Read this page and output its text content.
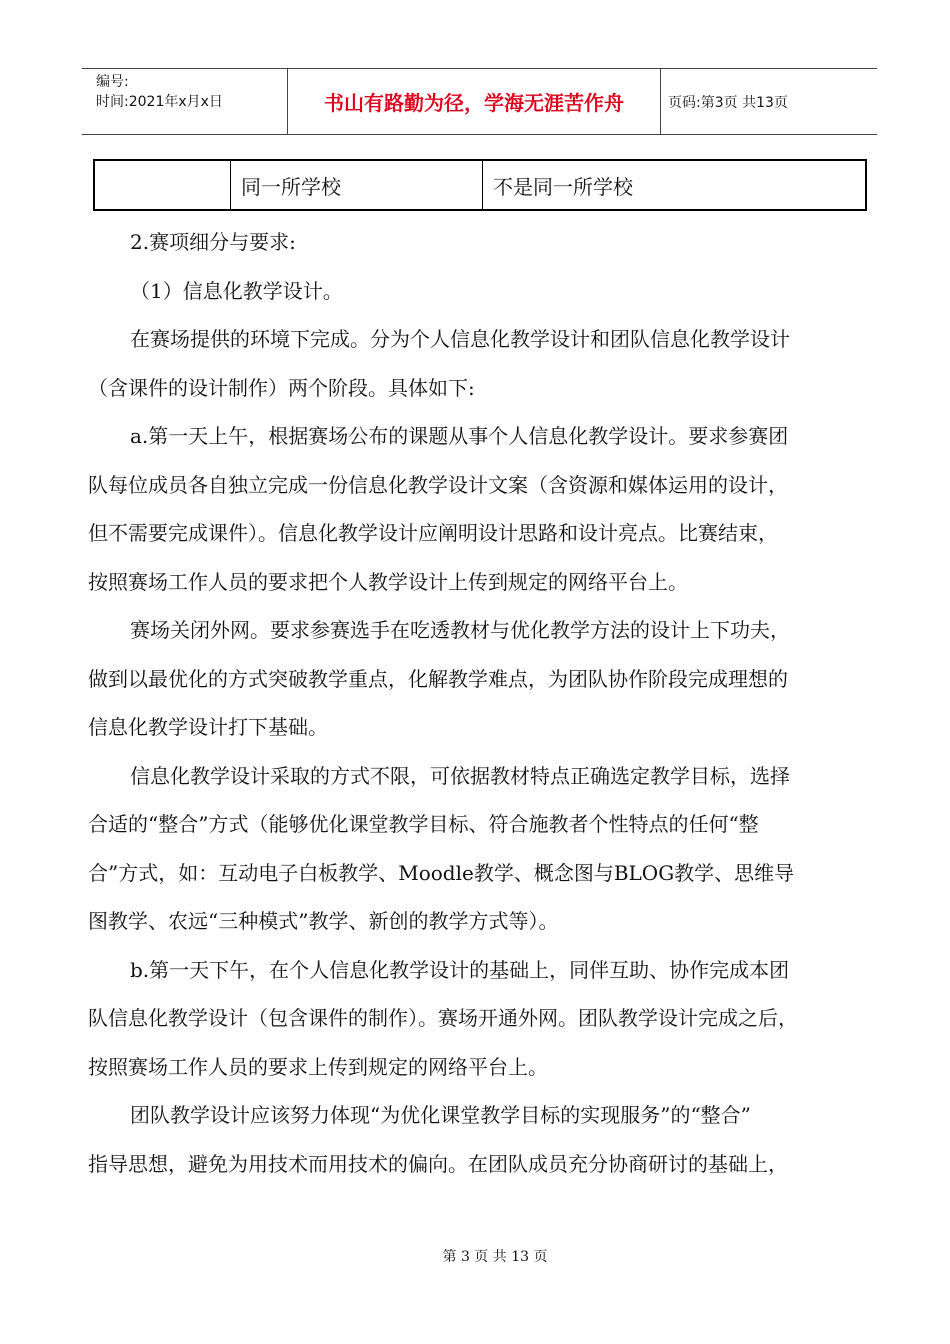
编号:
时间:2021年x月x日	书山有路勤为径，学海无涯苦作舟	页码:第3页 共13页
同一所学校	不是同一所学校
2.赛项细分与要求:
（1）信息化教学设计。
在赛场提供的环境下完成。分为个人信息化教学设计和团队信息化教学设计
（含课件的设计制作）两个阶段。具体如下:
a.第一天上午，根据赛场公布的课题从事个人信息化教学设计。要求参赛团
队每位成员各自独立完成一份信息化教学设计文案（含资源和媒体运用的设计，
但不需要完成课件）。信息化教学设计应阐明设计思路和设计亮点。比赛结束，
按照赛场工作人员的要求把个人教学设计上传到规定的网络平台上。
赛场关闭外网。要求参赛选手在吃透教材与优化教学方法的设计上下功夫，
做到以最优化的方式突破教学重点，化解教学难点，为团队协作阶段完成理想的
信息化教学设计打下基础。
信息化教学设计采取的方式不限，可依据教材特点正确选定教学目标，选择
合适的“整合”方式（能够优化课堂教学目标、符合施教者个性特点的任何“整
合”方式，如：互动电子白板教学、Moodle教学、概念图与BLOG教学、思维导
图教学、农远“三种模式”教学、新创的教学方式等）。
b.第一天下午，在个人信息化教学设计的基础上，同伴互助、协作完成本团
队信息化教学设计（包含课件的制作）。赛场开通外网。团队教学设计完成之后，
按照赛场工作人员的要求上传到规定的网络平台上。
团队教学设计应该努力体现“为优化课堂教学目标的实现服务”的“整合”
指导思想，避免为用技术而用技术的偏向。在团队成员充分协商研讨的基础上，
第 3 页 共 13 页
